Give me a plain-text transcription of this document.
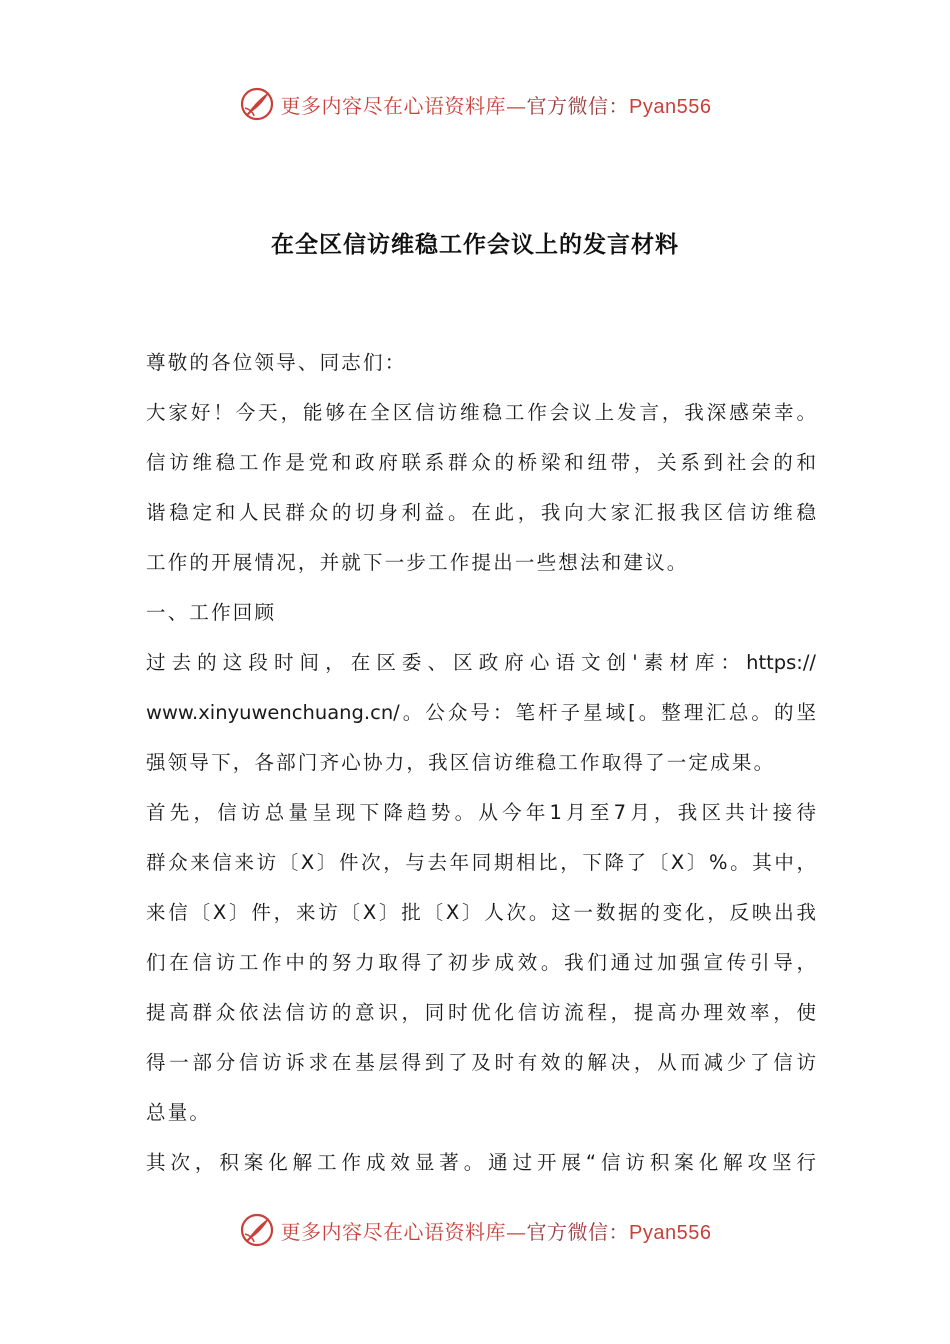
更多内容尽在心语资料库—官方微信：Pyan556
在全区信访维稳工作会议上的发言材料
尊敬的各位领导、同志们：
大家好！今天，能够在全区信访维稳工作会议上发言，我深感荣幸。
信访维稳工作是党和政府联系群众的桥梁和纽带，关系到社会的和
谐稳定和人民群众的切身利益。在此，我向大家汇报我区信访维稳
工作的开展情况，并就下一步工作提出一些想法和建议。
一、工作回顾
过去的这段时间，在区委、区政府心语文创'素材库：https://
www.xinyuwenchuang.cn/。公众号：笔杆子星域[。整理汇总。的坚
强领导下，各部门齐心协力，我区信访维稳工作取得了一定成果。
首先，信访总量呈现下降趋势。从今年1月至7月，我区共计接待
群众来信来访〔X〕件次，与去年同期相比，下降了〔X〕%。其中，
来信〔X〕件，来访〔X〕批〔X〕人次。这一数据的变化，反映出我
们在信访工作中的努力取得了初步成效。我们通过加强宣传引导，
提高群众依法信访的意识，同时优化信访流程，提高办理效率，使
得一部分信访诉求在基层得到了及时有效的解决，从而减少了信访
总量。
其次，积案化解工作成效显著。通过开展“信访积案化解攻坚行
更多内容尽在心语资料库—官方微信：Pyan556
